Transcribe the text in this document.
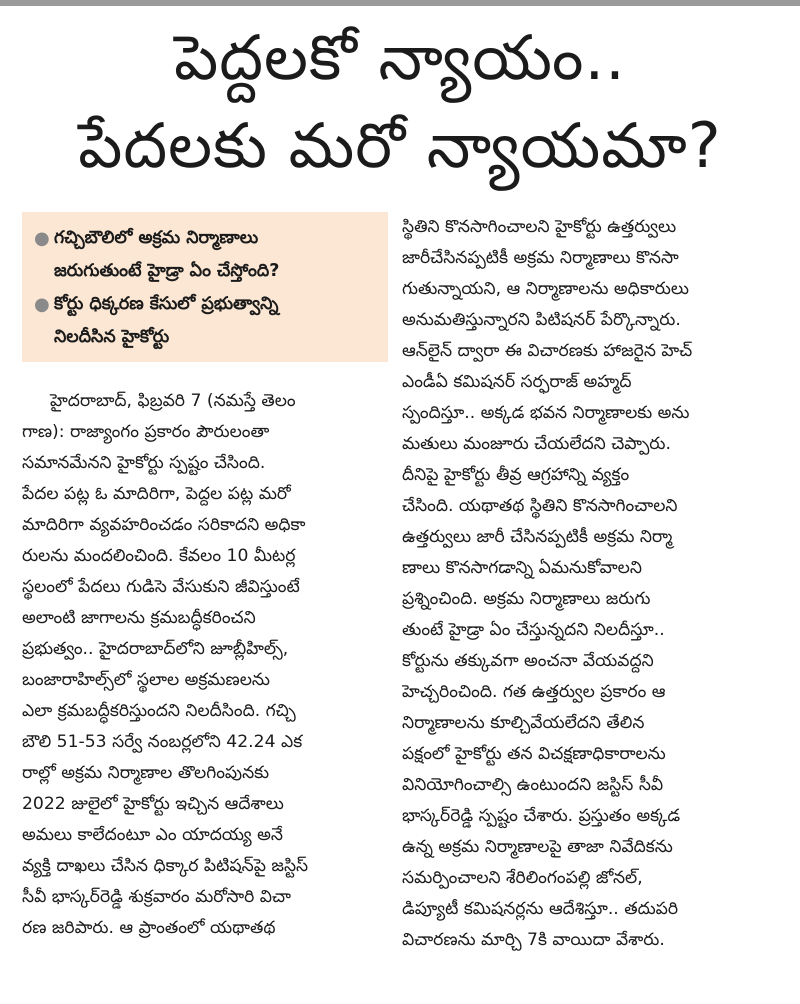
పెద్దలకో న్యాయం..
పేదలకు మరో న్యాయమా?
● గచ్చిబౌలిలో అక్రమ నిర్మాణాలు
జరుగుతుంటే హైడ్రా ఏం చేస్తోంది?
● కోర్టు ధిక్కరణ కేసులో ప్రభుత్వాన్ని
నిలదీసిన హైకోర్టు

హైదరాబాద్, ఫిబ్రవరి 7 (నమస్తే తెలం
గాణ): రాజ్యాంగం ప్రకారం పౌరులంతా
సమానమేనని హైకోర్టు స్పష్టం చేసింది.
పేదల పట్ల ఓ మాదిరిగా, పెద్దల పట్ల మరో
మాదిరిగా వ్యవహరించడం సరికాదని అధికా
రులను మందలించింది. కేవలం 10 మీటర్ల
స్థలంలో పేదలు గుడిసె వేసుకుని జీవిస్తుంటే
అలాంటి జాగాలను క్రమబద్ధీకరించని
ప్రభుత్వం.. హైదరాబాద్‌లోని జూబ్లీహిల్స్,
బంజారాహిల్స్‌లో స్థలాల అక్రమణలను
ఎలా క్రమబద్ధీకరిస్తుందని నిలదీసింది. గచ్చి
బౌలి 51-53 సర్వే నంబర్లలోని 42.24 ఎక
రాల్లో అక్రమ నిర్మాణాల తొలగింపునకు
2022 జులైలో హైకోర్టు ఇచ్చిన ఆదేశాలు
అమలు కాలేదంటూ ఎం యాదయ్య అనే
వ్యక్తి దాఖలు చేసిన ధిక్కార పిటిషన్‌పై జస్టిస్
సీవీ భాస్కర్‌రెడ్డి శుక్రవారం మరోసారి విచా
రణ జరిపారు. ఆ ప్రాంతంలో యథాతథ

స్థితిని కొనసాగించాలని హైకోర్టు ఉత్తర్వులు
జారీచేసినప్పటికీ అక్రమ నిర్మాణాలు కొనసా
గుతున్నాయని, ఆ నిర్మాణాలను అధికారులు
అనుమతిస్తున్నారని పిటిషనర్ పేర్కొన్నారు.
ఆన్‌లైన్ ద్వారా ఈ విచారణకు హాజరైన హెచ్
ఎండీఏ కమిషనర్ సర్ఫరాజ్ అహ్మద్
స్పందిస్తూ.. అక్కడ భవన నిర్మాణాలకు అను
మతులు మంజూరు చేయలేదని చెప్పారు.
దీనిపై హైకోర్టు తీవ్ర ఆగ్రహాన్ని వ్యక్తం
చేసింది. యథాతథ స్థితిని కొనసాగించాలని
ఉత్తర్వులు జారీ చేసినప్పటికీ అక్రమ నిర్మా
ణాలు కొనసాగడాన్ని ఏమనుకోవాలని
ప్రశ్నించింది. అక్రమ నిర్మాణాలు జరుగు
తుంటే హైడ్రా ఏం చేస్తున్నదని నిలదీస్తూ..
కోర్టును తక్కువగా అంచనా వేయవద్దని
హెచ్చరించింది. గత ఉత్తర్వుల ప్రకారం ఆ
నిర్మాణాలను కూల్చివేయలేదని తేలిన
పక్షంలో హైకోర్టు తన విచక్షణాధికారాలను
వినియోగించాల్సి ఉంటుందని జస్టిస్ సీవీ
భాస్కర్‌రెడ్డి స్పష్టం చేశారు. ప్రస్తుతం అక్కడ
ఉన్న అక్రమ నిర్మాణాలపై తాజా నివేదికను
సమర్పించాలని శేరిలింగంపల్లి జోనల్,
డిప్యూటీ కమిషనర్లను ఆదేశిస్తూ.. తదుపరి
విచారణను మార్చి 7కి వాయిదా వేశారు.
